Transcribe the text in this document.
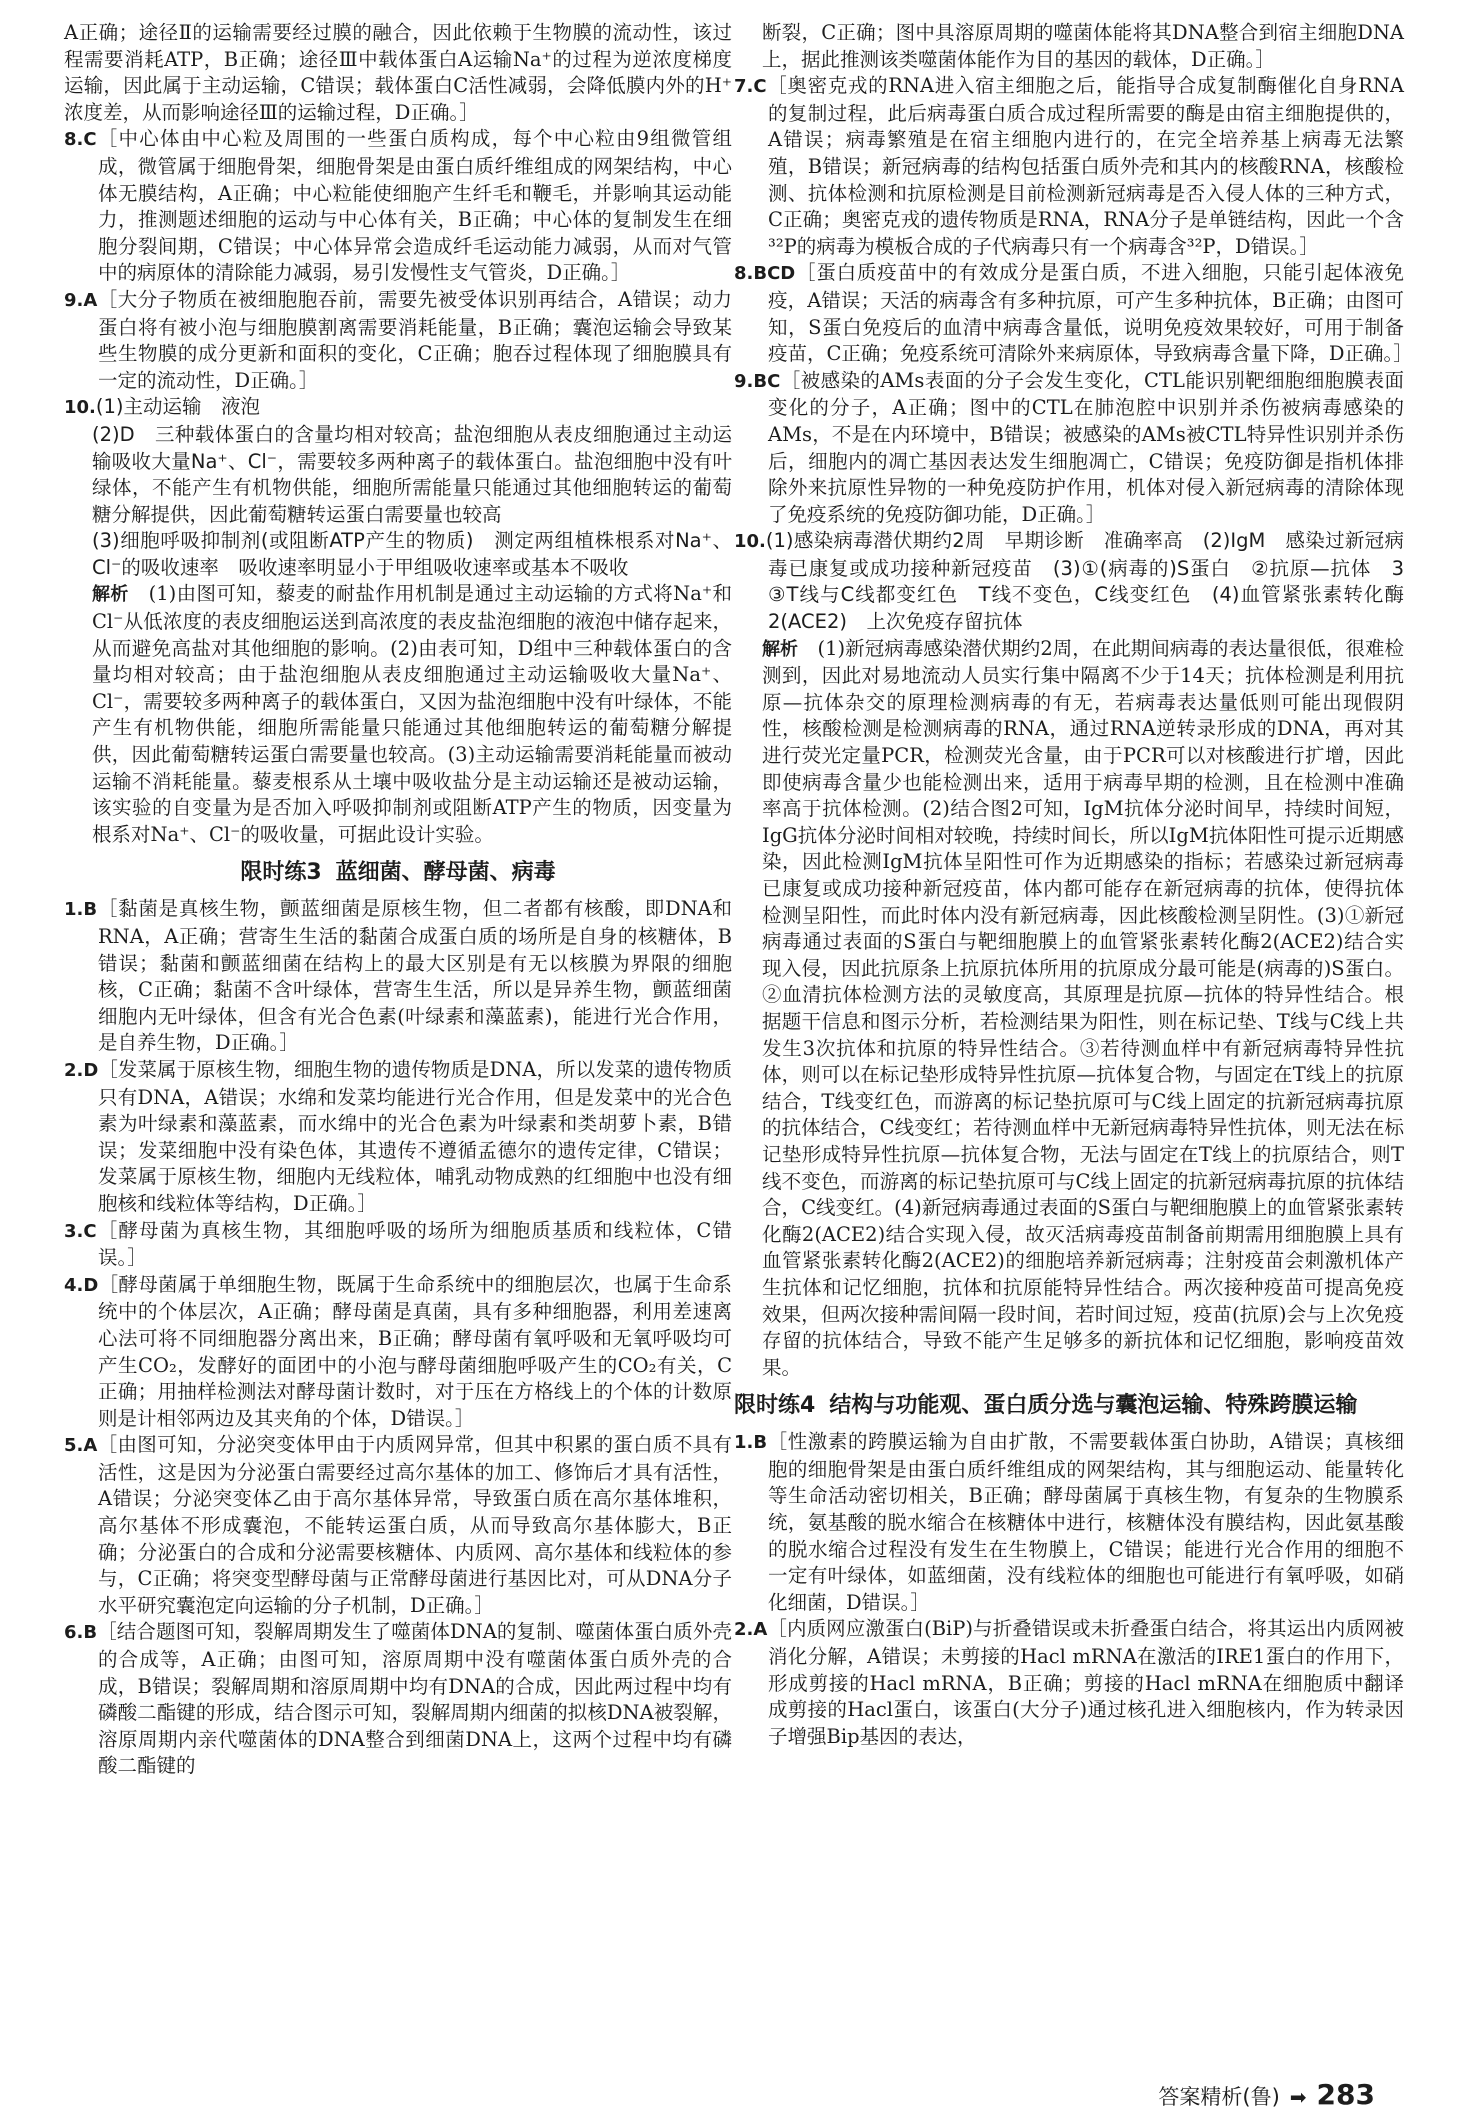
A正确；途径Ⅱ的运输需要经过膜的融合，因此依赖于生物膜的流动性，该过程需要消耗ATP，B正确；途径Ⅲ中载体蛋白A运输Na⁺的过程为逆浓度梯度运输，因此属于主动运输，C错误；载体蛋白C活性减弱，会降低膜内外的H⁺浓度差，从而影响途径Ⅲ的运输过程，D正确。］

8.C［中心体由中心粒及周围的一些蛋白质构成，每个中心粒由9组微管组成，微管属于细胞骨架，细胞骨架是由蛋白质纤维组成的网架结构，中心体无膜结构，A正确；中心粒能使细胞产生纤毛和鞭毛，并影响其运动能力，推测题述细胞的运动与中心体有关，B正确；中心体的复制发生在细胞分裂间期，C错误；中心体异常会造成纤毛运动能力减弱，从而对气管中的病原体的清除能力减弱，易引发慢性支气管炎，D正确。］

9.A［大分子物质在被细胞胞吞前，需要先被受体识别再结合，A错误；动力蛋白将有被小泡与细胞膜割离需要消耗能量，B正确；囊泡运输会导致某些生物膜的成分更新和面积的变化，C正确；胞吞过程体现了细胞膜具有一定的流动性，D正确。］

10.(1)主动运输　液泡

(2)D　三种载体蛋白的含量均相对较高；盐泡细胞从表皮细胞通过主动运输吸收大量Na⁺、Cl⁻，需要较多两种离子的载体蛋白。盐泡细胞中没有叶绿体，不能产生有机物供能，细胞所需能量只能通过其他细胞转运的葡萄糖分解提供，因此葡萄糖转运蛋白需要量也较高

(3)细胞呼吸抑制剂(或阻断ATP产生的物质)　测定两组植株根系对Na⁺、Cl⁻的吸收速率　吸收速率明显小于甲组吸收速率或基本不吸收

解析　 (1)由图可知，藜麦的耐盐作用机制是通过主动运输的方式将Na⁺和Cl⁻从低浓度的表皮细胞运送到高浓度的表皮盐泡细胞的液泡中储存起来，从而避免高盐对其他细胞的影响。(2)由表可知，D组中三种载体蛋白的含量均相对较高；由于盐泡细胞从表皮细胞通过主动运输吸收大量Na⁺、Cl⁻，需要较多两种离子的载体蛋白，又因为盐泡细胞中没有叶绿体，不能产生有机物供能，细胞所需能量只能通过其他细胞转运的葡萄糖分解提供，因此葡萄糖转运蛋白需要量也较高。(3)主动运输需要消耗能量而被动运输不消耗能量。藜麦根系从土壤中吸收盐分是主动运输还是被动运输，该实验的自变量为是否加入呼吸抑制剂或阻断ATP产生的物质，因变量为根系对Na⁺、Cl⁻的吸收量，可据此设计实验。

限时练3 蓝细菌、酵母菌、病毒

1.B［黏菌是真核生物，颤蓝细菌是原核生物，但二者都有核酸，即DNA和RNA，A正确；营寄生生活的黏菌合成蛋白质的场所是自身的核糖体，B错误；黏菌和颤蓝细菌在结构上的最大区别是有无以核膜为界限的细胞核，C正确；黏菌不含叶绿体，营寄生生活，所以是异养生物，颤蓝细菌细胞内无叶绿体，但含有光合色素(叶绿素和藻蓝素)，能进行光合作用，是自养生物，D正确。］

2.D［发菜属于原核生物，细胞生物的遗传物质是DNA，所以发菜的遗传物质只有DNA，A错误；水绵和发菜均能进行光合作用，但是发菜中的光合色素为叶绿素和藻蓝素，而水绵中的光合色素为叶绿素和类胡萝卜素，B错误；发菜细胞中没有染色体，其遗传不遵循孟德尔的遗传定律，C错误；发菜属于原核生物，细胞内无线粒体，哺乳动物成熟的红细胞中也没有细胞核和线粒体等结构，D正确。］

3.C［酵母菌为真核生物，其细胞呼吸的场所为细胞质基质和线粒体，C错误。］

4.D［酵母菌属于单细胞生物，既属于生命系统中的细胞层次，也属于生命系统中的个体层次，A正确；酵母菌是真菌，具有多种细胞器，利用差速离心法可将不同细胞器分离出来，B正确；酵母菌有氧呼吸和无氧呼吸均可产生CO₂，发酵好的面团中的小泡与酵母菌细胞呼吸产生的CO₂有关，C正确；用抽样检测法对酵母菌计数时，对于压在方格线上的个体的计数原则是计相邻两边及其夹角的个体，D错误。］

5.A［由图可知，分泌突变体甲由于内质网异常，但其中积累的蛋白质不具有活性，这是因为分泌蛋白需要经过高尔基体的加工、修饰后才具有活性，A错误；分泌突变体乙由于高尔基体异常，导致蛋白质在高尔基体堆积，高尔基体不形成囊泡，不能转运蛋白质，从而导致高尔基体膨大，B正确；分泌蛋白的合成和分泌需要核糖体、内质网、高尔基体和线粒体的参与，C正确；将突变型酵母菌与正常酵母菌进行基因比对，可从DNA分子水平研究囊泡定向运输的分子机制，D正确。］

6.B［结合题图可知，裂解周期发生了噬菌体DNA的复制、噬菌体蛋白质外壳的合成等，A正确；由图可知，溶原周期中没有噬菌体蛋白质外壳的合成，B错误；裂解周期和溶原周期中均有DNA的合成，因此两过程中均有磷酸二酯键的形成，结合图示可知，裂解周期内细菌的拟核DNA被裂解，溶原周期内亲代噬菌体的DNA整合到细菌DNA上，这两个过程中均有磷酸二酯键的

断裂，C正确；图中具溶原周期的噬菌体能将其DNA整合到宿主细胞DNA上，据此推测该类噬菌体能作为目的基因的载体，D正确。］

7.C［奥密克戎的RNA进入宿主细胞之后，能指导合成复制酶催化自身RNA的复制过程，此后病毒蛋白质合成过程所需要的酶是由宿主细胞提供的，A错误；病毒繁殖是在宿主细胞内进行的，在完全培养基上病毒无法繁殖，B错误；新冠病毒的结构包括蛋白质外壳和其内的核酸RNA，核酸检测、抗体检测和抗原检测是目前检测新冠病毒是否入侵人体的三种方式，C正确；奥密克戎的遗传物质是RNA，RNA分子是单链结构，因此一个含³²P的病毒为模板合成的子代病毒只有一个病毒含³²P，D错误。］

8.BCD［蛋白质疫苗中的有效成分是蛋白质，不进入细胞，只能引起体液免疫，A错误；天活的病毒含有多种抗原，可产生多种抗体，B正确；由图可知，S蛋白免疫后的血清中病毒含量低，说明免疫效果较好，可用于制备疫苗，C正确；免疫系统可清除外来病原体，导致病毒含量下降，D正确。］

9.BC［被感染的AMs表面的分子会发生变化，CTL能识别靶细胞细胞膜表面变化的分子，A正确；图中的CTL在肺泡腔中识别并杀伤被病毒感染的AMs，不是在内环境中，B错误；被感染的AMs被CTL特异性识别并杀伤后，细胞内的凋亡基因表达发生细胞凋亡，C错误；免疫防御是指机体排除外来抗原性异物的一种免疫防护作用，机体对侵入新冠病毒的清除体现了免疫系统的免疫防御功能，D正确。］

10.(1)感染病毒潜伏期约2周　早期诊断　准确率高　(2)IgM　感染过新冠病毒已康复或成功接种新冠疫苗　(3)①(病毒的)S蛋白　②抗原—抗体　3　③T线与C线都变红色　T线不变色，C线变红色　(4)血管紧张素转化酶2(ACE2)　上次免疫存留抗体

解析　 (1)新冠病毒感染潜伏期约2周，在此期间病毒的表达量很低，很难检测到，因此对易地流动人员实行集中隔离不少于14天；抗体检测是利用抗原—抗体杂交的原理检测病毒的有无，若病毒表达量低则可能出现假阴性，核酸检测是检测病毒的RNA，通过RNA逆转录形成的DNA，再对其进行荧光定量PCR，检测荧光含量，由于PCR可以对核酸进行扩增，因此即使病毒含量少也能检测出来，适用于病毒早期的检测，且在检测中准确率高于抗体检测。(2)结合图2可知，IgM抗体分泌时间早，持续时间短，IgG抗体分泌时间相对较晚，持续时间长，所以IgM抗体阳性可提示近期感染，因此检测IgM抗体呈阳性可作为近期感染的指标；若感染过新冠病毒已康复或成功接种新冠疫苗，体内都可能存在新冠病毒的抗体，使得抗体检测呈阳性，而此时体内没有新冠病毒，因此核酸检测呈阴性。(3)①新冠病毒通过表面的S蛋白与靶细胞膜上的血管紧张素转化酶2(ACE2)结合实现入侵，因此抗原条上抗原抗体所用的抗原成分最可能是(病毒的)S蛋白。②血清抗体检测方法的灵敏度高，其原理是抗原—抗体的特异性结合。根据题干信息和图示分析，若检测结果为阳性，则在标记垫、T线与C线上共发生3次抗体和抗原的特异性结合。③若待测血样中有新冠病毒特异性抗体，则可以在标记垫形成特异性抗原—抗体复合物，与固定在T线上的抗原结合，T线变红色，而游离的标记垫抗原可与C线上固定的抗新冠病毒抗原的抗体结合，C线变红；若待测血样中无新冠病毒特异性抗体，则无法在标记垫形成特异性抗原—抗体复合物，无法与固定在T线上的抗原结合，则T线不变色，而游离的标记垫抗原可与C线上固定的抗新冠病毒抗原的抗体结合，C线变红。(4)新冠病毒通过表面的S蛋白与靶细胞膜上的血管紧张素转化酶2(ACE2)结合实现入侵，故灭活病毒疫苗制备前期需用细胞膜上具有血管紧张素转化酶2(ACE2)的细胞培养新冠病毒；注射疫苗会刺激机体产生抗体和记忆细胞，抗体和抗原能特异性结合。两次接种疫苗可提高免疫效果，但两次接种需间隔一段时间，若时间过短，疫苗(抗原)会与上次免疫存留的抗体结合，导致不能产生足够多的新抗体和记忆细胞，影响疫苗效果。

限时练4 结构与功能观、蛋白质分选与囊泡运输、特殊跨膜运输

1.B［性激素的跨膜运输为自由扩散，不需要载体蛋白协助，A错误；真核细胞的细胞骨架是由蛋白质纤维组成的网架结构，其与细胞运动、能量转化等生命活动密切相关，B正确；酵母菌属于真核生物，有复杂的生物膜系统，氨基酸的脱水缩合在核糖体中进行，核糖体没有膜结构，因此氨基酸的脱水缩合过程没有发生在生物膜上，C错误；能进行光合作用的细胞不一定有叶绿体，如蓝细菌，没有线粒体的细胞也可能进行有氧呼吸，如硝化细菌，D错误。］

2.A［内质网应激蛋白(BiP)与折叠错误或未折叠蛋白结合，将其运出内质网被消化分解，A错误；未剪接的Hacl mRNA在激活的IRE1蛋白的作用下，形成剪接的Hacl mRNA，B正确；剪接的Hacl mRNA在细胞质中翻译成剪接的Hacl蛋白，该蛋白(大分子)通过核孔进入细胞核内，作为转录因子增强Bip基因的表达，

答案精析(鲁) ➡ 283
